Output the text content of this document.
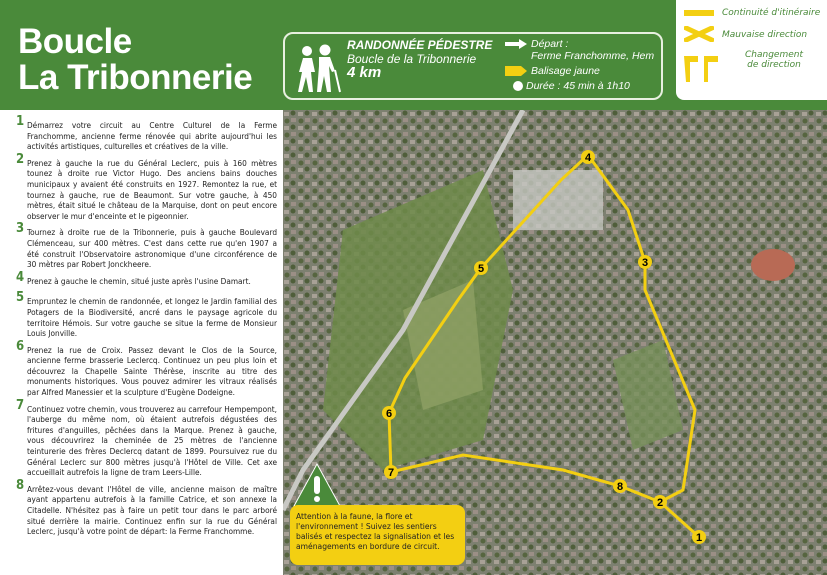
Boucle
La Tribonnerie
RANDONNÉE PÉDESTRE
Boucle de la Tribonnerie
4 km
Départ :
Ferme Franchomme, Hem
Balisage jaune
Durée : 45 min à 1h10
Continuité d'itinéraire
Mauvaise direction
Changement
de direction
1 Démarrez votre circuit au Centre Culturel de la Ferme Franchomme, ancienne ferme rénovée qui abrite aujourd'hui les activités artistiques, culturelles et créatives de la ville.
2 Prenez à gauche la rue du Général Leclerc, puis à 160 mètres tounez à droite rue Victor Hugo. Des anciens bains douches municipaux y avaient été construits en 1927. Remontez la rue, et tournez à gauche, rue de Beaumont. Sur votre gauche, à 450 mètres, était situé le château de la Marquise, dont on peut encore observer le mur d'enceinte et le pigeonnier.
3 Tournez à droite rue de la Tribonnerie, puis à gauche Boulevard Clémenceau, sur 400 mètres. C'est dans cette rue qu'en 1907 a été construit l'Observatoire astronomique d'une circonférence de 30 mètres par Robert Jonckheere.
4 Prenez à gauche le chemin, situé juste après l'usine Damart.
5 Empruntez le chemin de randonnée, et longez le Jardin familial des Potagers de la Biodiversité, ancré dans le paysage agricole du territoire Hémois. Sur votre gauche se situe la ferme de Monsieur Louis Jonville.
6 Prenez la rue de Croix. Passez devant le Clos de la Source, ancienne ferme brasserie Leclercq. Continuez un peu plus loin et découvrez la Chapelle Sainte Thérèse, inscrite au titre des monuments historiques. Vous pouvez admirer les vitraux réalisés par Alfred Manessier et la sculpture d'Eugène Dodeigne.
7 Continuez votre chemin, vous trouverez au carrefour Hempempont, l'auberge du même nom, où étaient autrefois dégustées des fritures d'anguilles, pêchées dans la Marque. Prenez à gauche, vous découvrirez la cheminée de 25 mètres de l'ancienne teinturerie des frères Declercq datant de 1899. Poursuivez rue du Général Leclerc sur 800 mètres jusqu'à l'Hôtel de Ville. Cet axe accueillait autrefois la ligne de tram Leers-Lille.
8 Arrêtez-vous devant l'Hôtel de ville, ancienne maison de maître ayant appartenu autrefois à la famille Catrice, et son annexe la Citadelle. N'hésitez pas à faire un petit tour dans le parc arboré situé derrière la mairie. Continuez enfin sur la rue du Général Leclerc, jusqu'à votre point de départ: la Ferme Franchomme.
1
2
3
4
5
6
7
8
Attention à la faune, la flore et l'environnement ! Suivez les sentiers balisés et respectez la signalisation et les aménagements en bordure de circuit.
